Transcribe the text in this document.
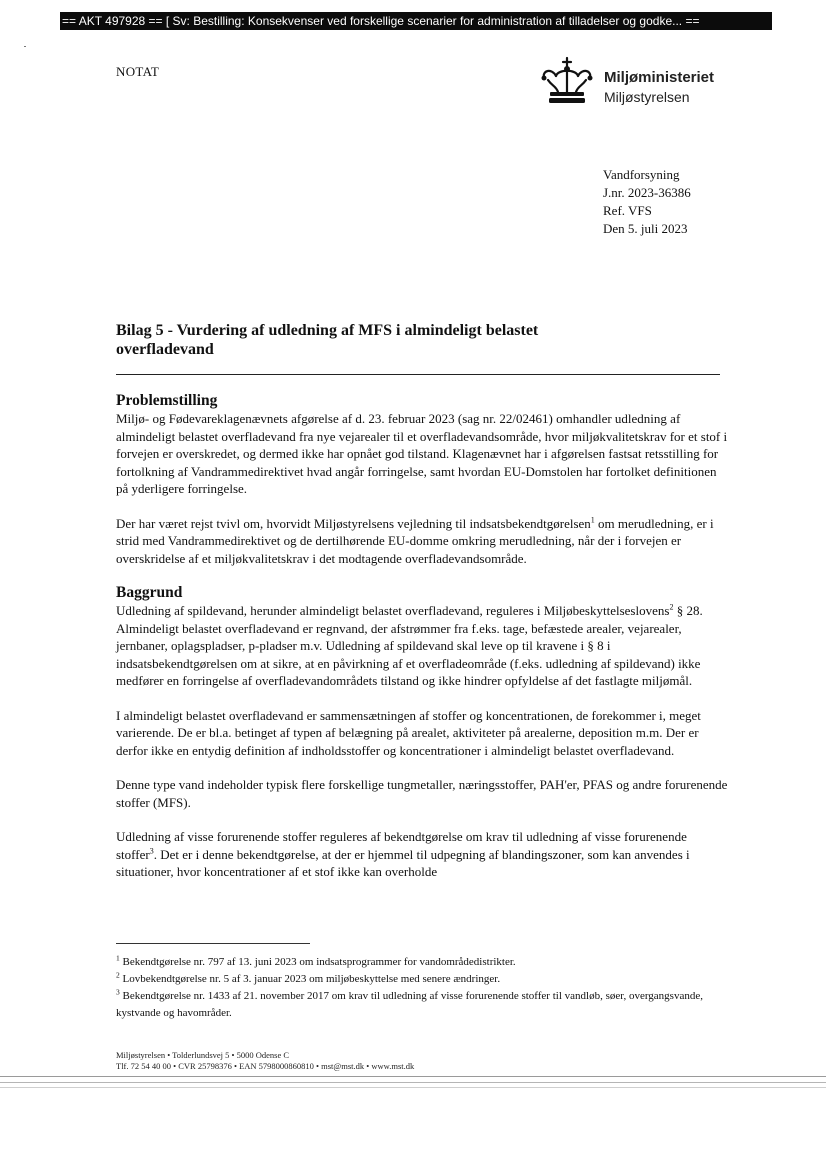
== AKT 497928 == [ Sv: Bestilling: Konsekvenser ved forskellige scenarier for administration af tilladelser og godke... ==
NOTAT	Miljøministeriet
Miljøstyrelsen
Vandforsyning
J.nr. 2023-36386
Ref. VFS
Den 5. juli 2023
Bilag 5 - Vurdering af udledning af MFS i almindeligt belastet overfladevand
Problemstilling

Miljø- og Fødevareklagenævnets afgørelse af d. 23. februar 2023 (sag nr. 22/02461) omhandler udledning af almindeligt belastet overfladevand fra nye vejarealer til et overfladevandsområde, hvor miljøkvalitetskrav for et stof i forvejen er overskredet, og dermed ikke har opnået god tilstand. Klagenævnet har i afgørelsen fastsat retsstilling for fortolkning af Vandrammedirektivet hvad angår forringelse, samt hvordan EU-Domstolen har fortolket definitionen på yderligere forringelse.

Der har været rejst tvivl om, hvorvidt Miljøstyrelsens vejledning til indsatsbekendtgørelsen$^1$ om merudledning, er i strid med Vandrammedirektivet og de dertilhørende EU-domme omkring merudledning, når der i forvejen er overskridelse af et miljøkvalitetskrav i det modtagende overfladevandsområde.

Baggrund

Udledning af spildevand, herunder almindeligt belastet overfladevand, reguleres i Miljøbeskyttelseslovens$^2$ § 28. Almindeligt belastet overfladevand er regnvand, der afstrømmer fra f.eks. tage, befæstede arealer, vejarealer, jernbaner, oplagspladser, p-pladser m.v. Udledning af spildevand skal leve op til kravene i § 8 i indsatsbekendtgørelsen om at sikre, at en påvirkning af et overfladeområde (f.eks. udledning af spildevand) ikke medfører en forringelse af overfladevandområdets tilstand og ikke hindrer opfyldelse af det fastlagte miljømål.

I almindeligt belastet overfladevand er sammensætningen af stoffer og koncentrationen, de forekommer i, meget varierende. De er bl.a. betinget af typen af belægning på arealet, aktiviteter på arealerne, deposition m.m. Der er derfor ikke en entydig definition af indholdsstoffer og koncentrationer i almindeligt belastet overfladevand.

Denne type vand indeholder typisk flere forskellige tungmetaller, næringsstoffer, PAH'er, PFAS og andre forurenende stoffer (MFS).

Udledning af visse forurenende stoffer reguleres af bekendtgørelse om krav til udledning af visse forurenende stoffer$^3$. Det er i denne bekendtgørelse, at der er hjemmel til udpegning af blandingszoner, som kan anvendes i situationer, hvor koncentrationer af et stof ikke kan overholde

$^1$ Bekendtgørelse nr. 797 af 13. juni 2023 om indsatsprogrammer for vandområdedistrikter.
$^2$ Lovbekendtgørelse nr. 5 af 3. januar 2023 om miljøbeskyttelse med senere ændringer.
$^3$ Bekendtgørelse nr. 1433 af 21. november 2017 om krav til udledning af visse forurenende stoffer til vandløb, søer, overgangsvande, kystvande og havområder.
Miljøstyrelsen • Tolderlundsvej 5 • 5000 Odense C
Tlf. 72 54 40 00 • CVR 25798376 • EAN 5798000860810 • mst@mst.dk • www.mst.dk
